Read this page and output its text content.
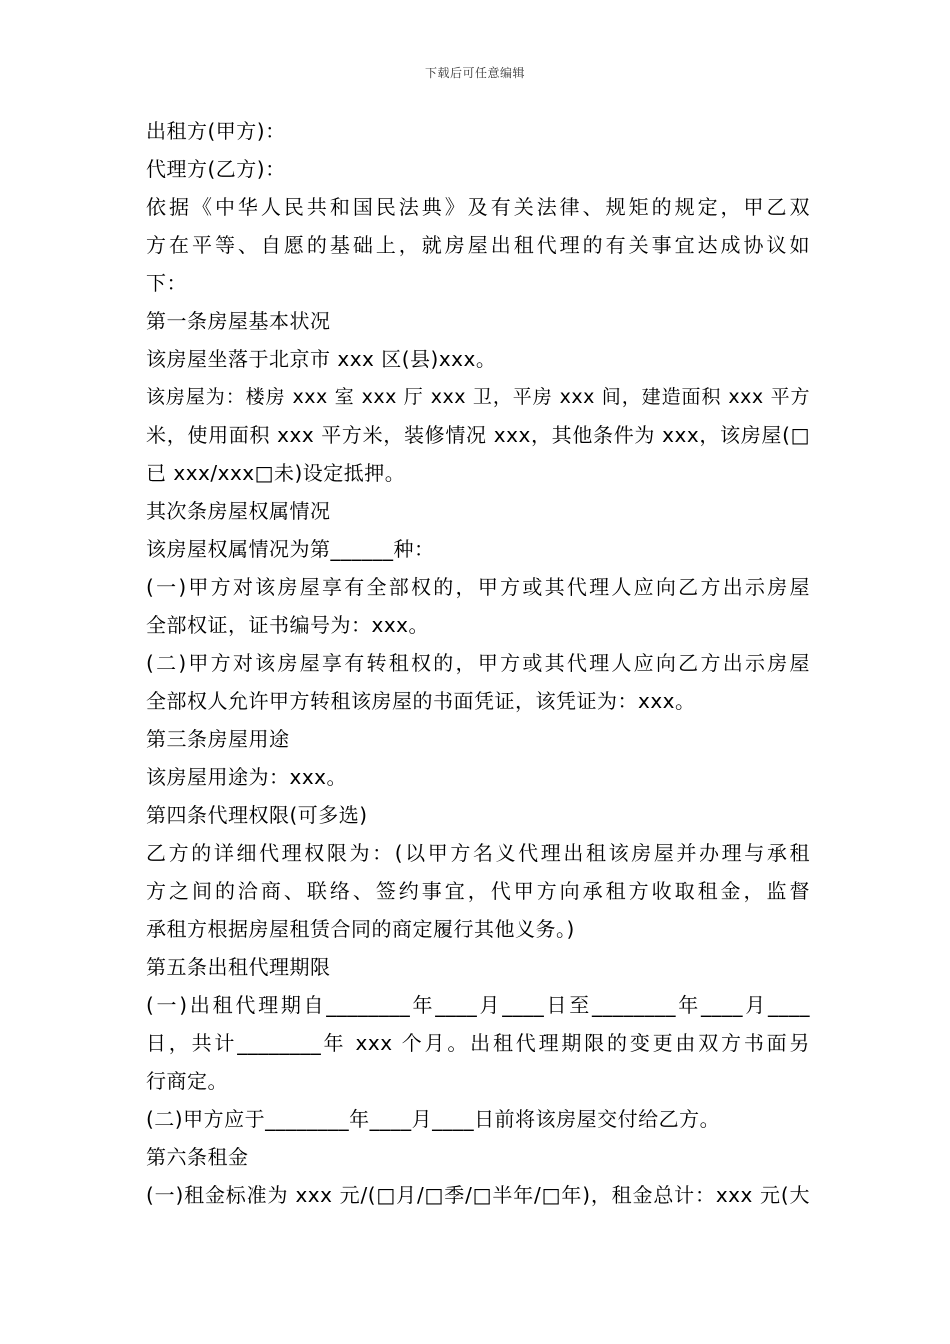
下载后可任意编辑
出租方(甲方)：
代理方(乙方)：
依据《中华人民共和国民法典》及有关法律、规矩的规定，甲乙双
方在平等、自愿的基础上，就房屋出租代理的有关事宜达成协议如
下：
第一条房屋基本状况
该房屋坐落于北京市 xxx 区(县)xxx。
该房屋为：楼房 xxx 室 xxx 厅 xxx 卫，平房 xxx 间，建造面积 xxx 平方
米，使用面积 xxx 平方米，装修情况 xxx，其他条件为 xxx，该房屋(□
已 xxx/xxx□未)设定抵押。
其次条房屋权属情况
该房屋权属情况为第______种：
(一)甲方对该房屋享有全部权的，甲方或其代理人应向乙方出示房屋
全部权证，证书编号为：xxx。
(二)甲方对该房屋享有转租权的，甲方或其代理人应向乙方出示房屋
全部权人允许甲方转租该房屋的书面凭证，该凭证为：xxx。
第三条房屋用途
该房屋用途为：xxx。
第四条代理权限(可多选)
乙方的详细代理权限为：(以甲方名义代理出租该房屋并办理与承租
方之间的洽商、联络、签约事宜，代甲方向承租方收取租金，监督
承租方根据房屋租赁合同的商定履行其他义务。)
第五条出租代理期限
(一)出租代理期自________年____月____日至________年____月____
日，共计________年 xxx 个月。出租代理期限的变更由双方书面另
行商定。
(二)甲方应于________年____月____日前将该房屋交付给乙方。
第六条租金
(一)租金标准为 xxx 元/(□月/□季/□半年/□年)，租金总计：xxx 元(大
